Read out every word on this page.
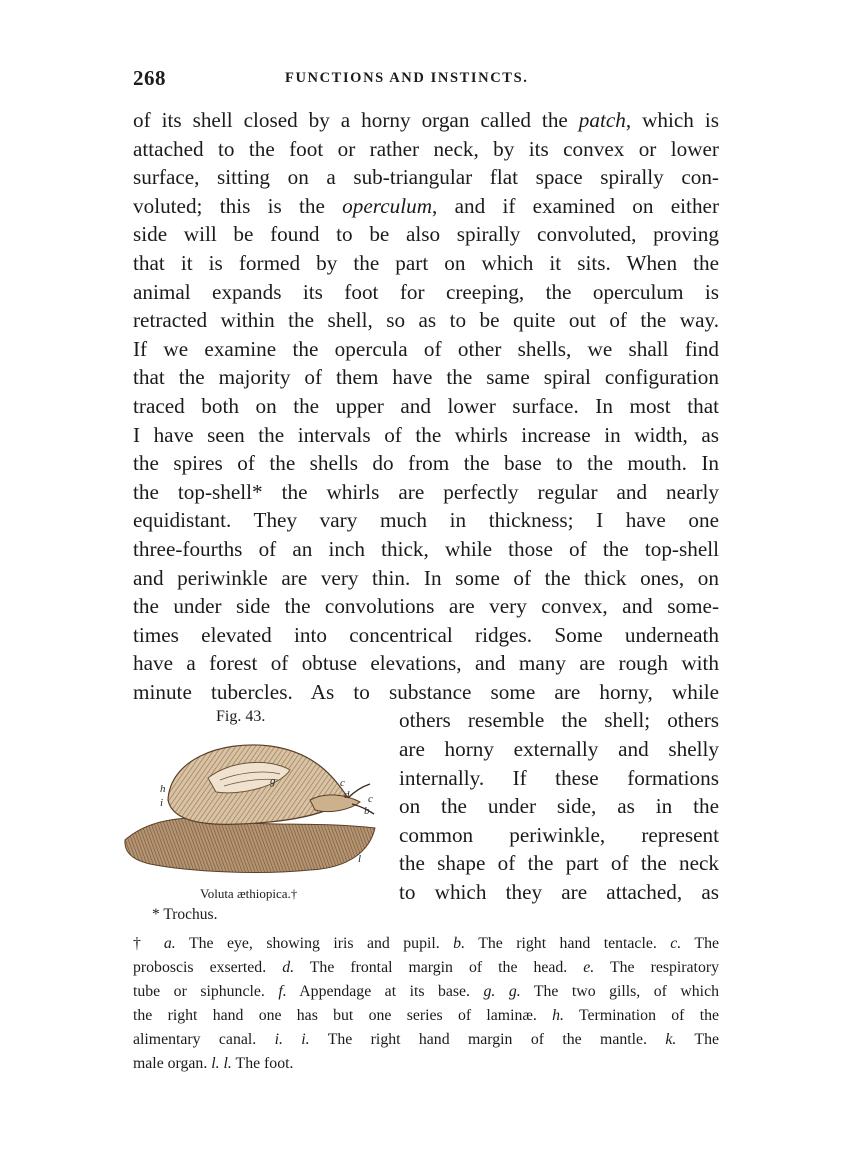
268	FUNCTIONS AND INSTINCTS.
of its shell closed by a horny organ called the patch, which is
attached to the foot or rather neck, by its convex or lower
surface, sitting on a sub-triangular flat space spirally con-
voluted; this is the operculum, and if examined on either
side will be found to be also spirally convoluted, proving
that it is formed by the part on which it sits. When the
animal expands its foot for creeping, the operculum is
retracted within the shell, so as to be quite out of the way.
If we examine the opercula of other shells, we shall find
that the majority of them have the same spiral configuration
traced both on the upper and lower surface. In most that
I have seen the intervals of the whirls increase in width, as
the spires of the shells do from the base to the mouth. In
the top-shell* the whirls are perfectly regular and nearly
equidistant. They vary much in thickness; I have one
three-fourths of an inch thick, while those of the top-shell
and periwinkle are very thin. In some of the thick ones, on
the under side the convolutions are very convex, and some-
times elevated into concentrical ridges. Some underneath
have a forest of obtuse elevations, and many are rough with
minute tubercles. As to substance some are horny, while
others resemble the shell; others
are horny externally and shelly
internally. If these formations
on the under side, as in the
common periwinkle, represent
the shape of the part of the neck
to which they are attached, as
Fig. 43.
h
i
g	c
d
b
c
l
Voluta æthiopica.†
* Trochus.
† a. The eye, showing iris and pupil. b. The right hand tentacle. c. The
proboscis exserted. d. The frontal margin of the head. e. The respiratory
tube or siphuncle. f. Appendage at its base. g. g. The two gills, of which
the right hand one has but one series of laminæ. h. Termination of the
alimentary canal. i. i. The right hand margin of the mantle. k. The
male organ. l. l. The foot.
